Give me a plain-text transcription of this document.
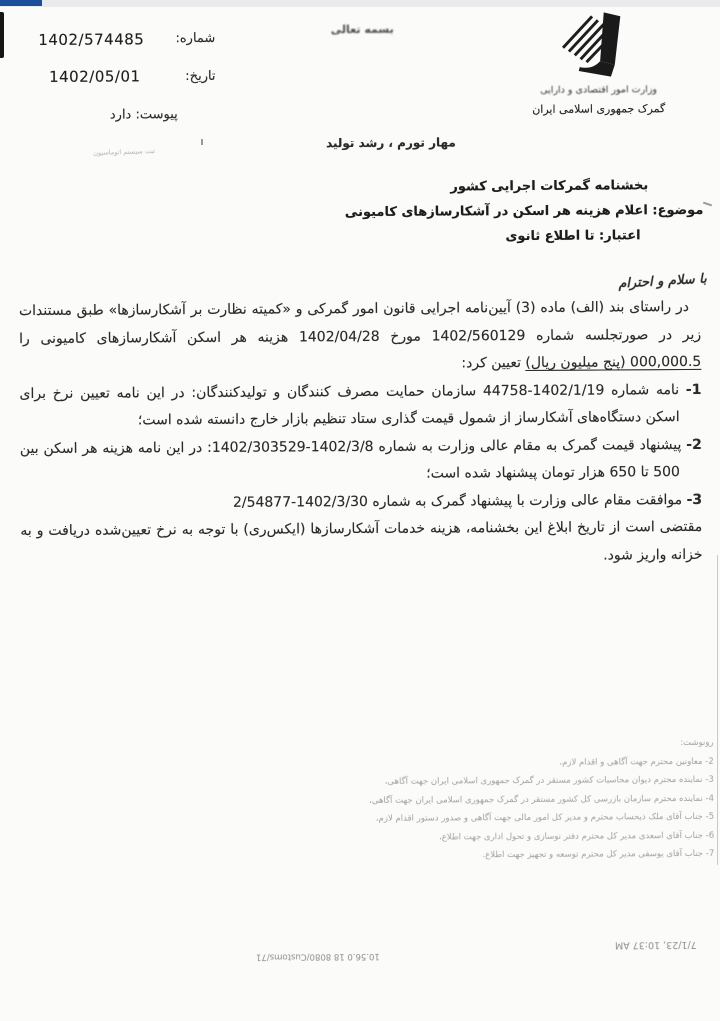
شماره:
1402/574485
تاریخ:
1402/05/01
پیوست: دارد
ثبت سیستم اتوماسیون
بسمه تعالی
وزارت امور اقتصادی و دارایی
گمرک جمهوری اسلامی ایران
مهار تورم ، رشد تولید
بخشنامه گمرکات اجرایی کشور
موضوع: اعلام هزینه هر اسکن در آشکارسازهای کامیونی
اعتبار: تا اطلاع ثانوی
با سلام و احترام

در راستای بند (الف) ماده (3) آیین‌نامه اجرایی قانون امور گمرکی و «کمیته نظارت بر آشکارسازها» طبق مستندات زیر در صورتجلسه شماره 1402/560129 مورخ 1402/04/28 هزینه هر اسکن آشکارسازهای کامیونی را 000,000.5 (پنج میلیون ریال) تعیین کرد:

1- نامه شماره 1402/1/19-44758 سازمان حمایت مصرف کنندگان و تولیدکنندگان: در این نامه تعیین نرخ برای اسکن دستگاه‌های آشکارساز از شمول قیمت گذاری ستاد تنظیم بازار خارج دانسته شده است؛
2- پیشنهاد قیمت گمرک به مقام عالی وزارت به شماره 1402/3/8-1402/303529: در این نامه هزینه هر اسکن بین 500 تا 650 هزار تومان پیشنهاد شده است؛
3- موافقت مقام عالی وزارت با پیشنهاد گمرک به شماره 1402/3/30-2/54877

مقتضی است از تاریخ ابلاغ این بخشنامه، هزینه خدمات آشکارسازها (ایکس‌ری) با توجه به نرخ تعیین‌شده دریافت و به خزانه واریز شود.

رونوشت:
2- معاونین محترم جهت آگاهی و اقدام لازم،
3- نماینده محترم دیوان محاسبات کشور مستقر در گمرک جمهوری اسلامی ایران جهت آگاهی،
4- نماینده محترم سازمان بازرسی کل کشور مستقر در گمرک جمهوری اسلامی ایران جهت آگاهی،
5- جناب آقای ملک ذیحساب محترم و مدیر کل امور مالی جهت آگاهی و صدور دستور اقدام لازم،
6- جناب آقای اسعدی مدیر کل محترم دفتر نوسازی و تحول اداری جهت اطلاع،
7- جناب آقای یوسفی مدیر کل محترم توسعه و تجهیز جهت اطلاع.
10.56.0 18 8080/Customs/71
7/1/23, 10:37 AM
